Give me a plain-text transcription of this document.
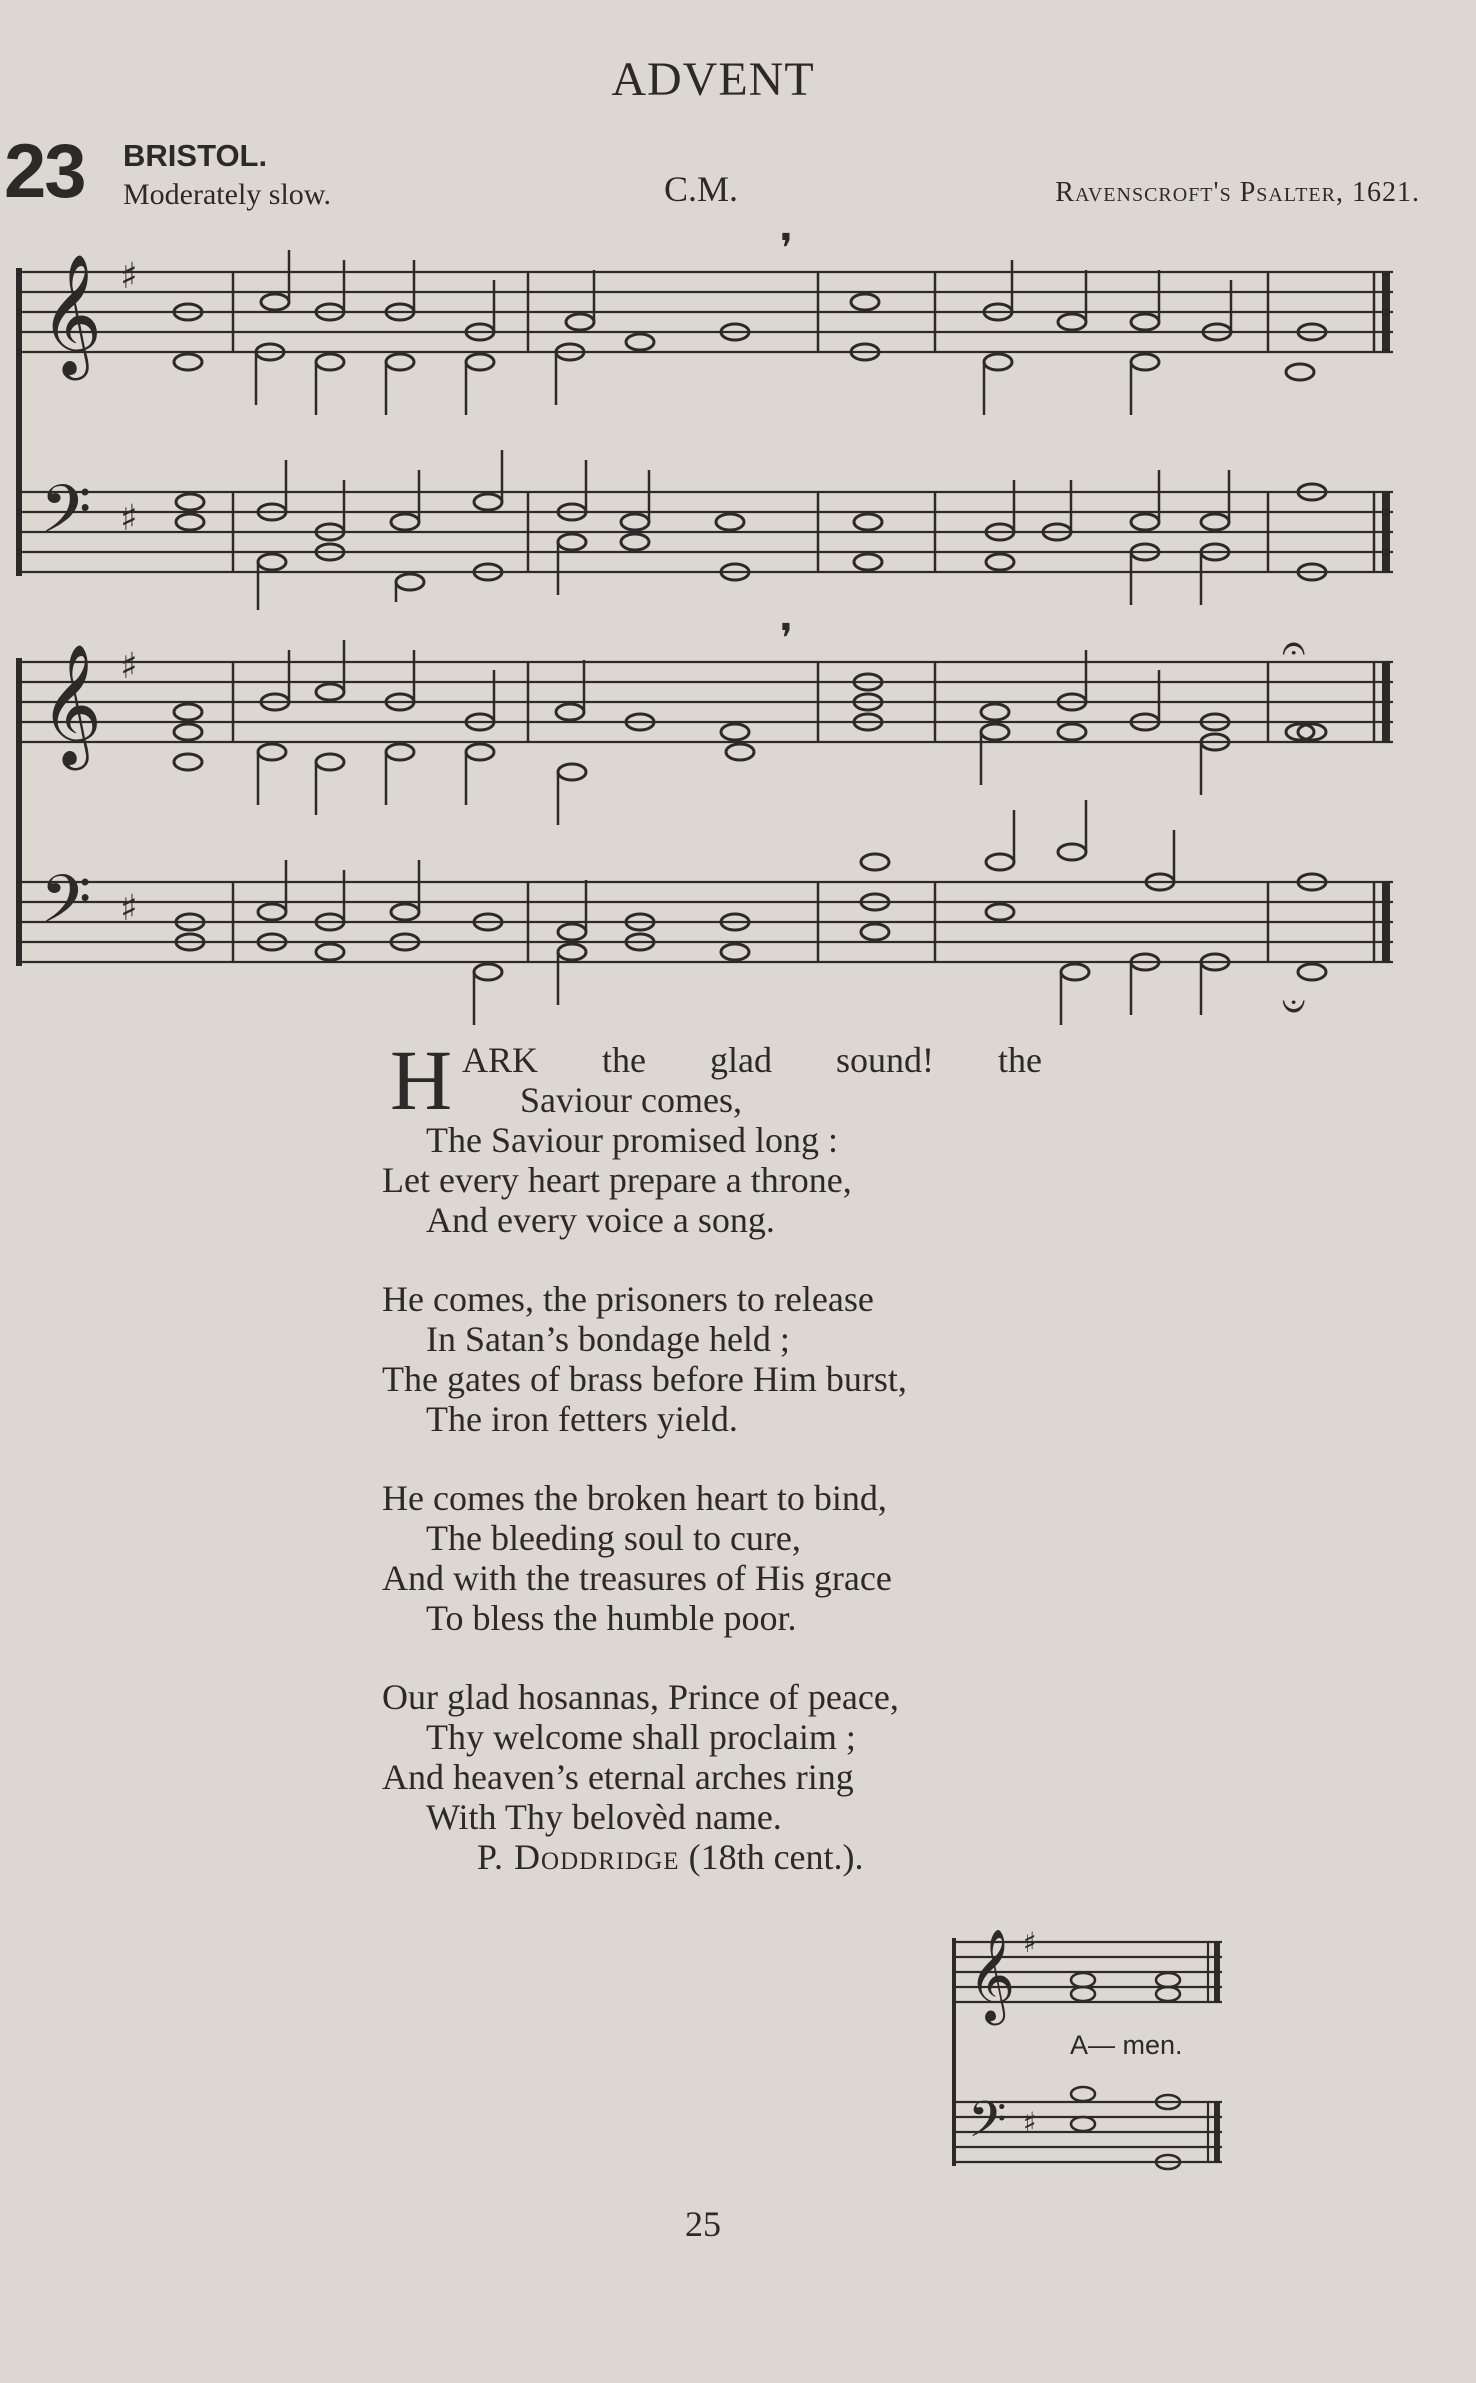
ADVENT
23 BRISTOL.
Moderately slow.	C.M.	Ravenscroft's Psalter, 1621.
𝄞
𝄢
♯
♯
❜
𝄞
𝄢
♯
♯
❜	𝄐
𝄑
H ARK the glad sound! the
Saviour comes,
The Saviour promised long :
Let every heart prepare a throne,
And every voice a song.
He comes, the prisoners to release
In Satan’s bondage held ;
The gates of brass before Him burst,
The iron fetters yield.
He comes the broken heart to bind,
The bleeding soul to cure,
And with the treasures of His grace
To bless the humble poor.
Our glad hosannas, Prince of peace,
Thy welcome shall proclaim ;
And heaven’s eternal arches ring
With Thy belovèd name.
P. Doddridge (18th cent.).
𝄞
𝄢
♯
♯
A— men.
25
